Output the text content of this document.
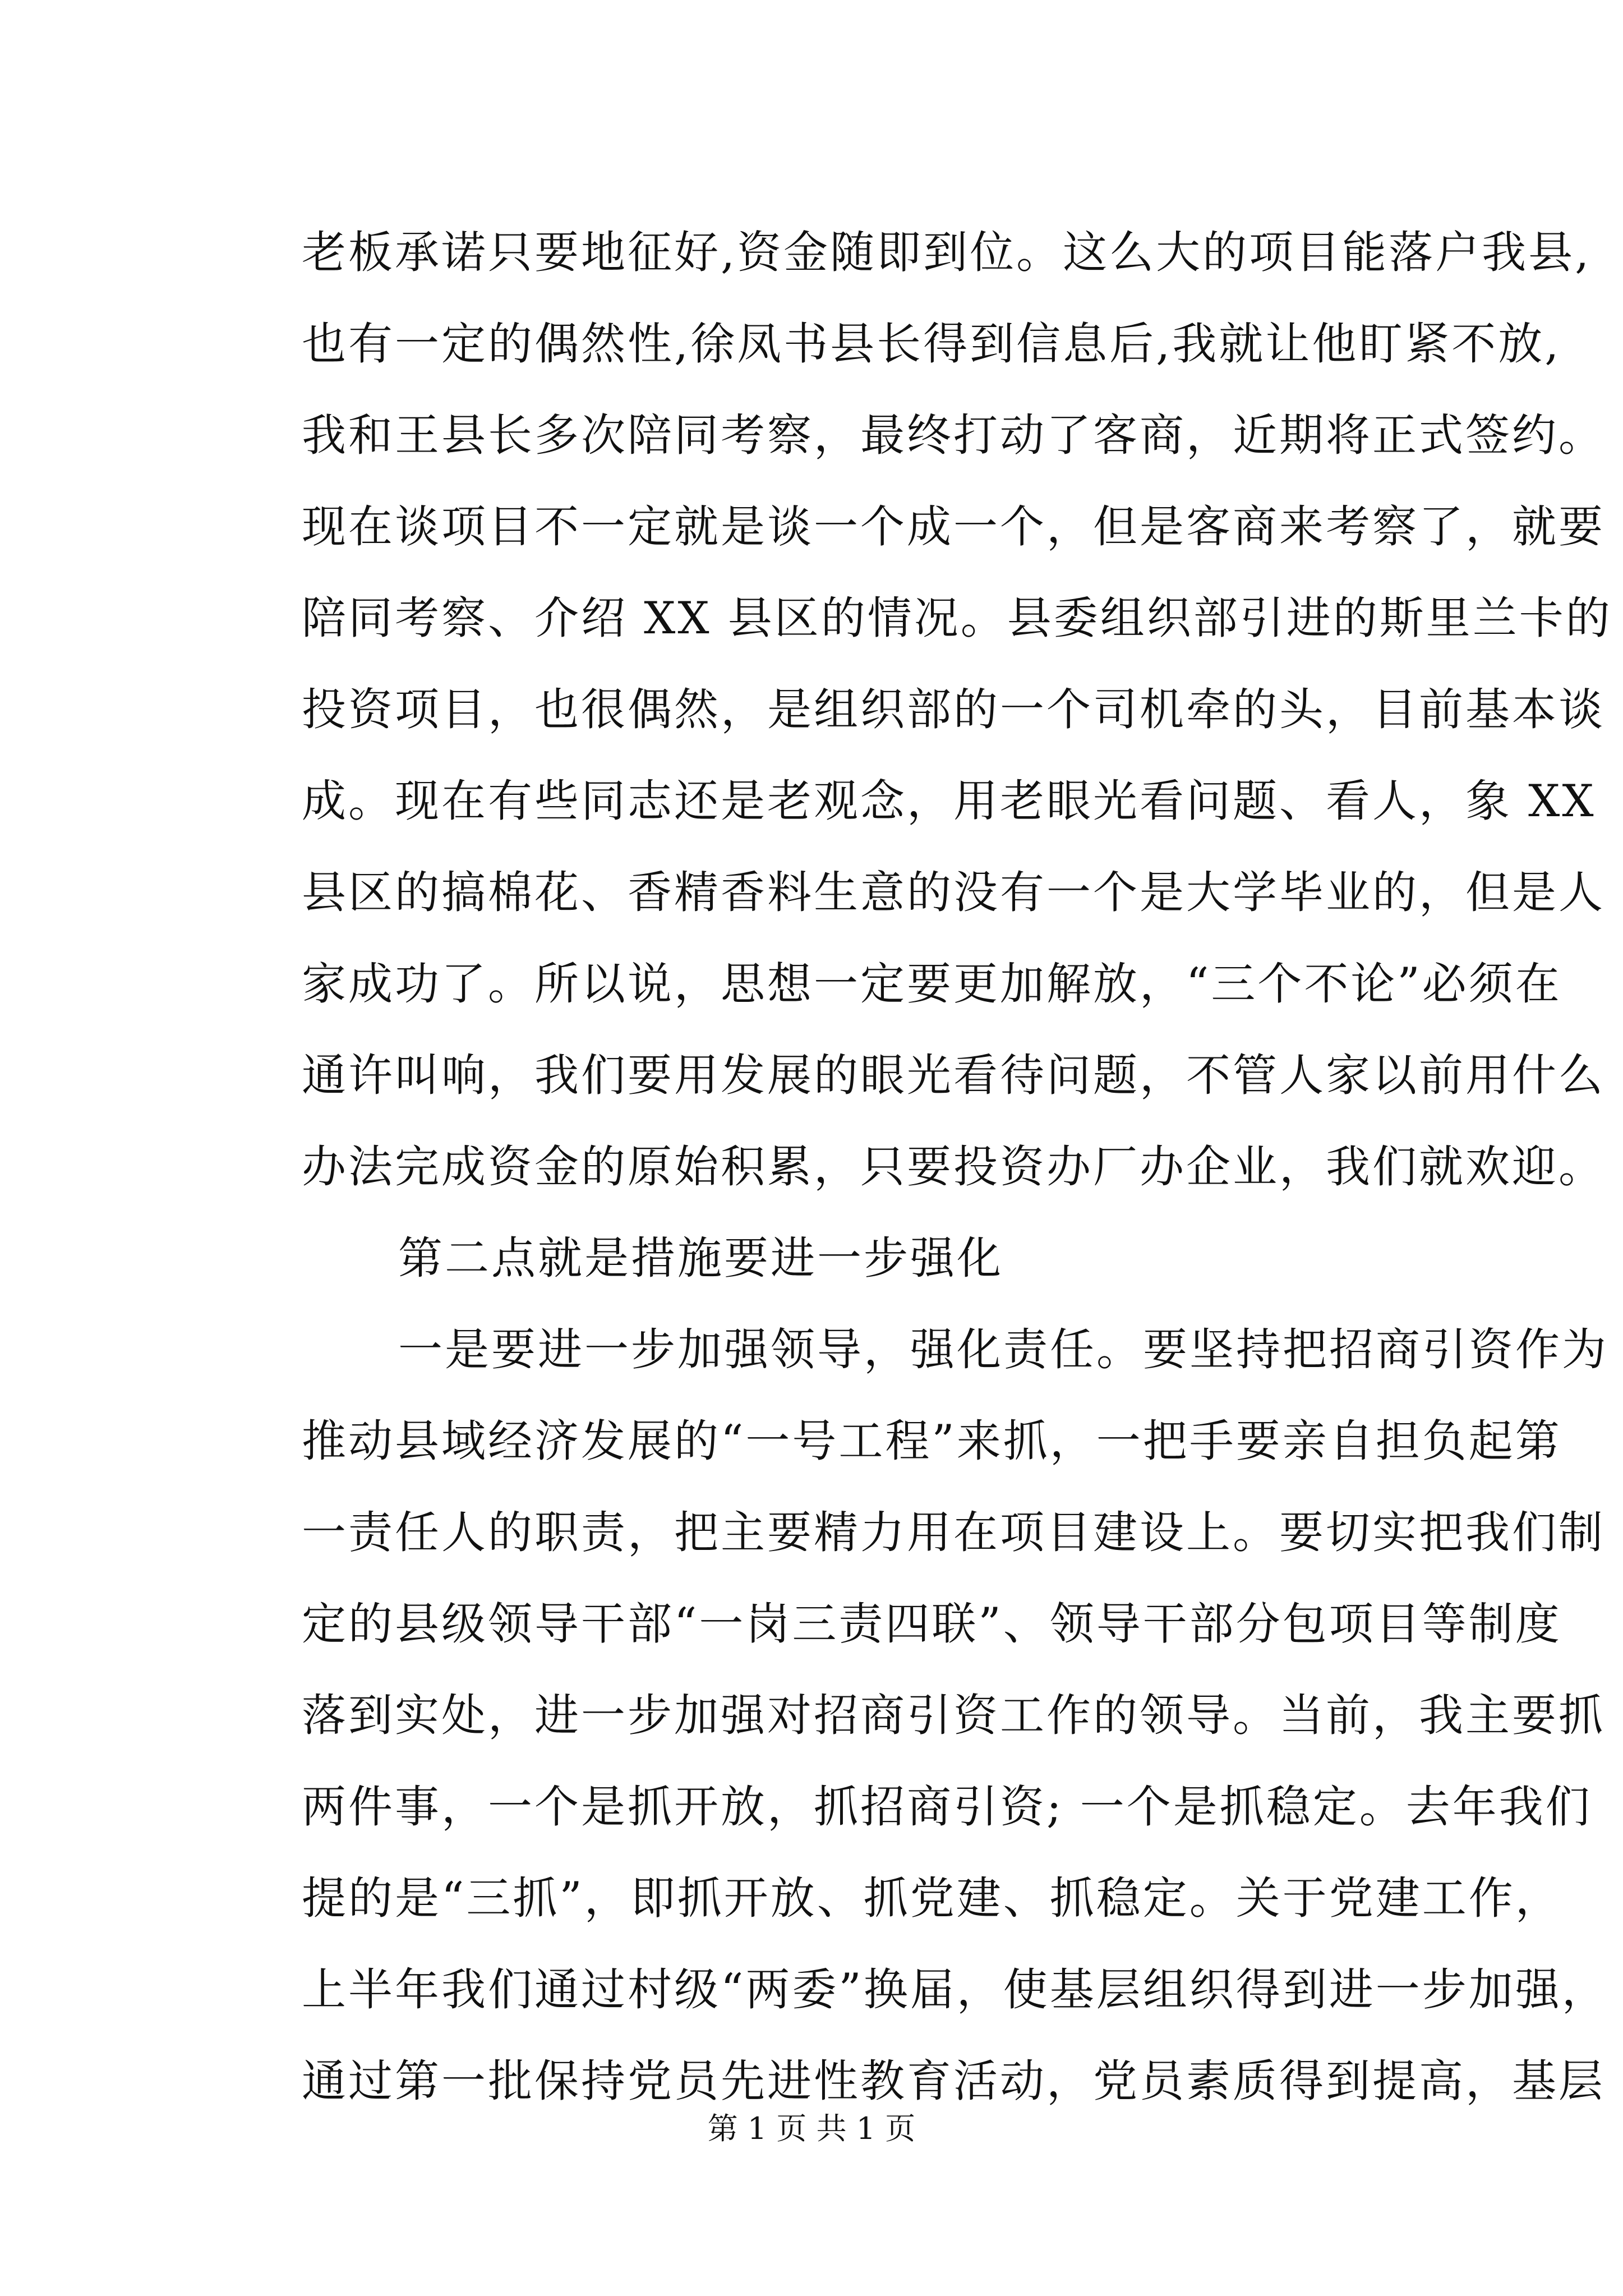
老板承诺只要地征好,资金随即到位。这么大的项目能落户我县,
也有一定的偶然性,徐凤书县长得到信息后,我就让他盯紧不放,
我和王县长多次陪同考察，最终打动了客商，近期将正式签约。
现在谈项目不一定就是谈一个成一个，但是客商来考察了，就要
陪同考察、介绍 XX 县区的情况。县委组织部引进的斯里兰卡的
投资项目，也很偶然，是组织部的一个司机牵的头，目前基本谈
成。现在有些同志还是老观念，用老眼光看问题、看人，象 XX
县区的搞棉花、香精香料生意的没有一个是大学毕业的，但是人
家成功了。所以说，思想一定要更加解放，“三个不论”必须在
通许叫响，我们要用发展的眼光看待问题，不管人家以前用什么
办法完成资金的原始积累，只要投资办厂办企业，我们就欢迎。
第二点就是措施要进一步强化
一是要进一步加强领导，强化责任。要坚持把招商引资作为
推动县域经济发展的“一号工程”来抓，一把手要亲自担负起第
一责任人的职责，把主要精力用在项目建设上。要切实把我们制
定的县级领导干部“一岗三责四联”、领导干部分包项目等制度
落到实处，进一步加强对招商引资工作的领导。当前，我主要抓
两件事，一个是抓开放，抓招商引资; 一个是抓稳定。去年我们
提的是“三抓”，即抓开放、抓党建、抓稳定。关于党建工作，
上半年我们通过村级“两委”换届，使基层组织得到进一步加强，
通过第一批保持党员先进性教育活动，党员素质得到提高，基层
第 1 页 共 1 页
